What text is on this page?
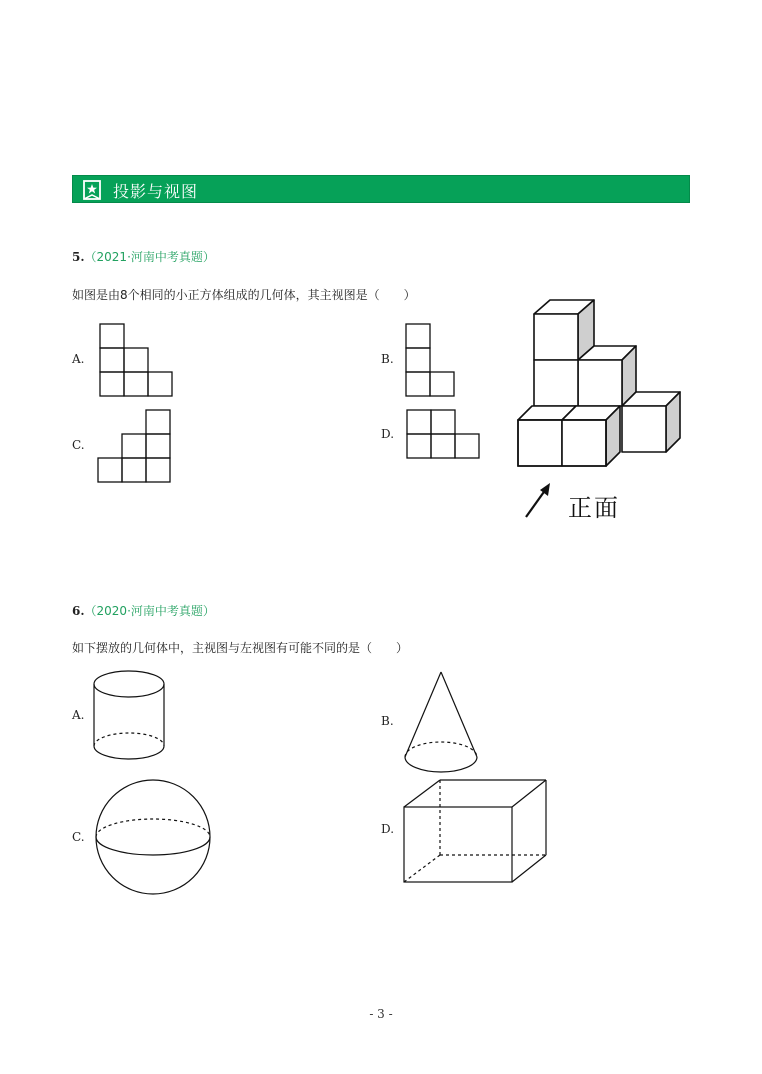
投影与视图
5.（2021·河南中考真题）
如图是由8个相同的小正方体组成的几何体，其主视图是（　　）
A.	B.
C.
D.
正面
6.（2020·河南中考真题）
如下摆放的几何体中，主视图与左视图有可能不同的是（　　）
A.	B.
C.
D.
- 3 -
